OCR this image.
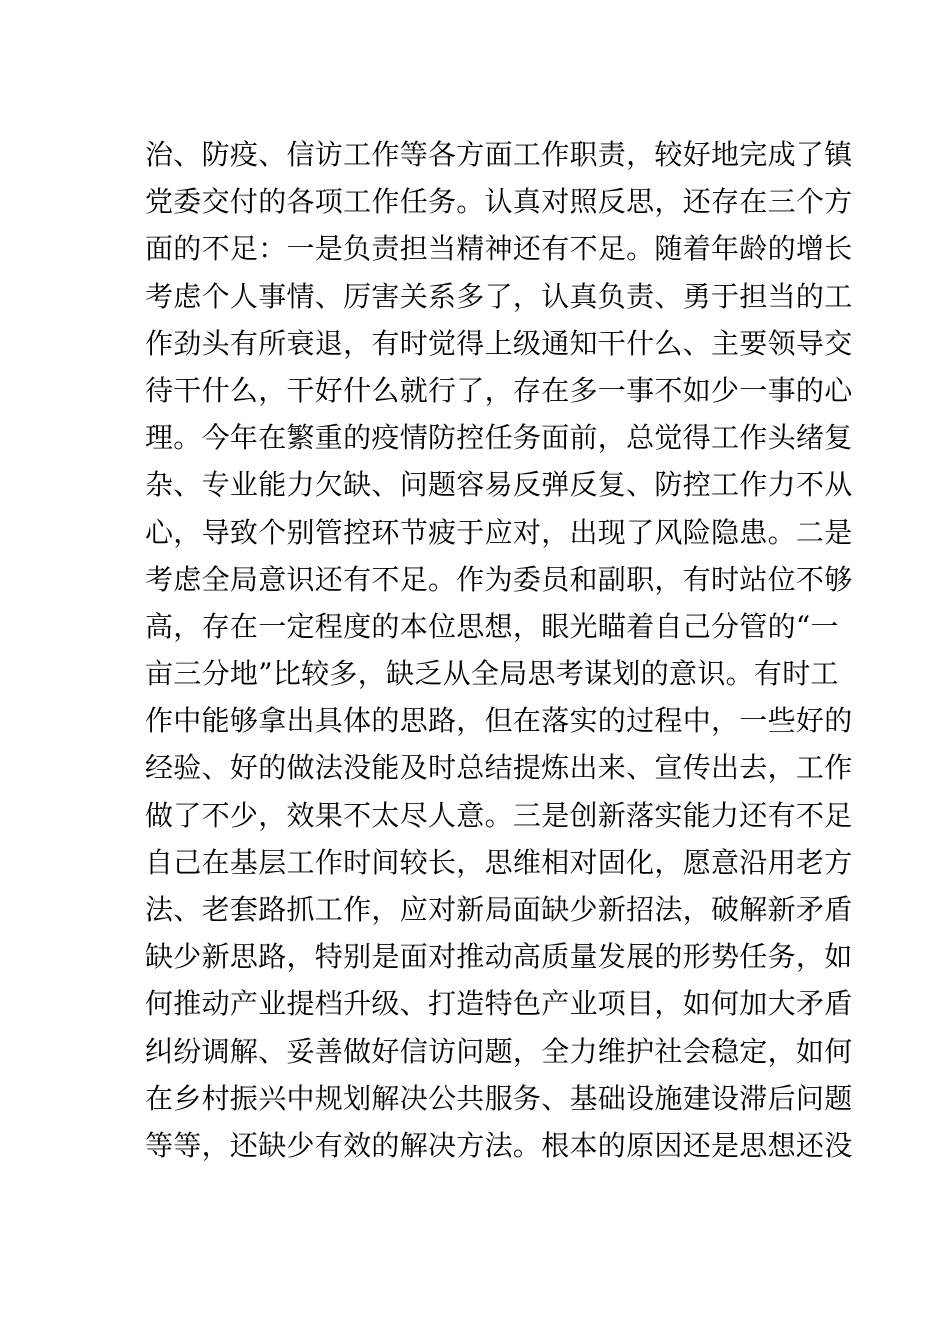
治、防疫、信访工作等各方面工作职责，较好地完成了镇
党委交付的各项工作任务。认真对照反思，还存在三个方
面的不足：一是负责担当精神还有不足。随着年龄的增长
考虑个人事情、厉害关系多了，认真负责、勇于担当的工
作劲头有所衰退，有时觉得上级通知干什么、主要领导交
待干什么，干好什么就行了，存在多一事不如少一事的心
理。今年在繁重的疫情防控任务面前，总觉得工作头绪复
杂、专业能力欠缺、问题容易反弹反复、防控工作力不从
心，导致个别管控环节疲于应对，出现了风险隐患。二是
考虑全局意识还有不足。作为委员和副职，有时站位不够
高，存在一定程度的本位思想，眼光瞄着自己分管的“一
亩三分地”比较多，缺乏从全局思考谋划的意识。有时工
作中能够拿出具体的思路，但在落实的过程中，一些好的
经验、好的做法没能及时总结提炼出来、宣传出去，工作
做了不少，效果不太尽人意。三是创新落实能力还有不足
自己在基层工作时间较长，思维相对固化，愿意沿用老方
法、老套路抓工作，应对新局面缺少新招法，破解新矛盾
缺少新思路，特别是面对推动高质量发展的形势任务，如
何推动产业提档升级、打造特色产业项目，如何加大矛盾
纠纷调解、妥善做好信访问题，全力维护社会稳定，如何
在乡村振兴中规划解决公共服务、基础设施建设滞后问题
等等，还缺少有效的解决方法。根本的原因还是思想还没
